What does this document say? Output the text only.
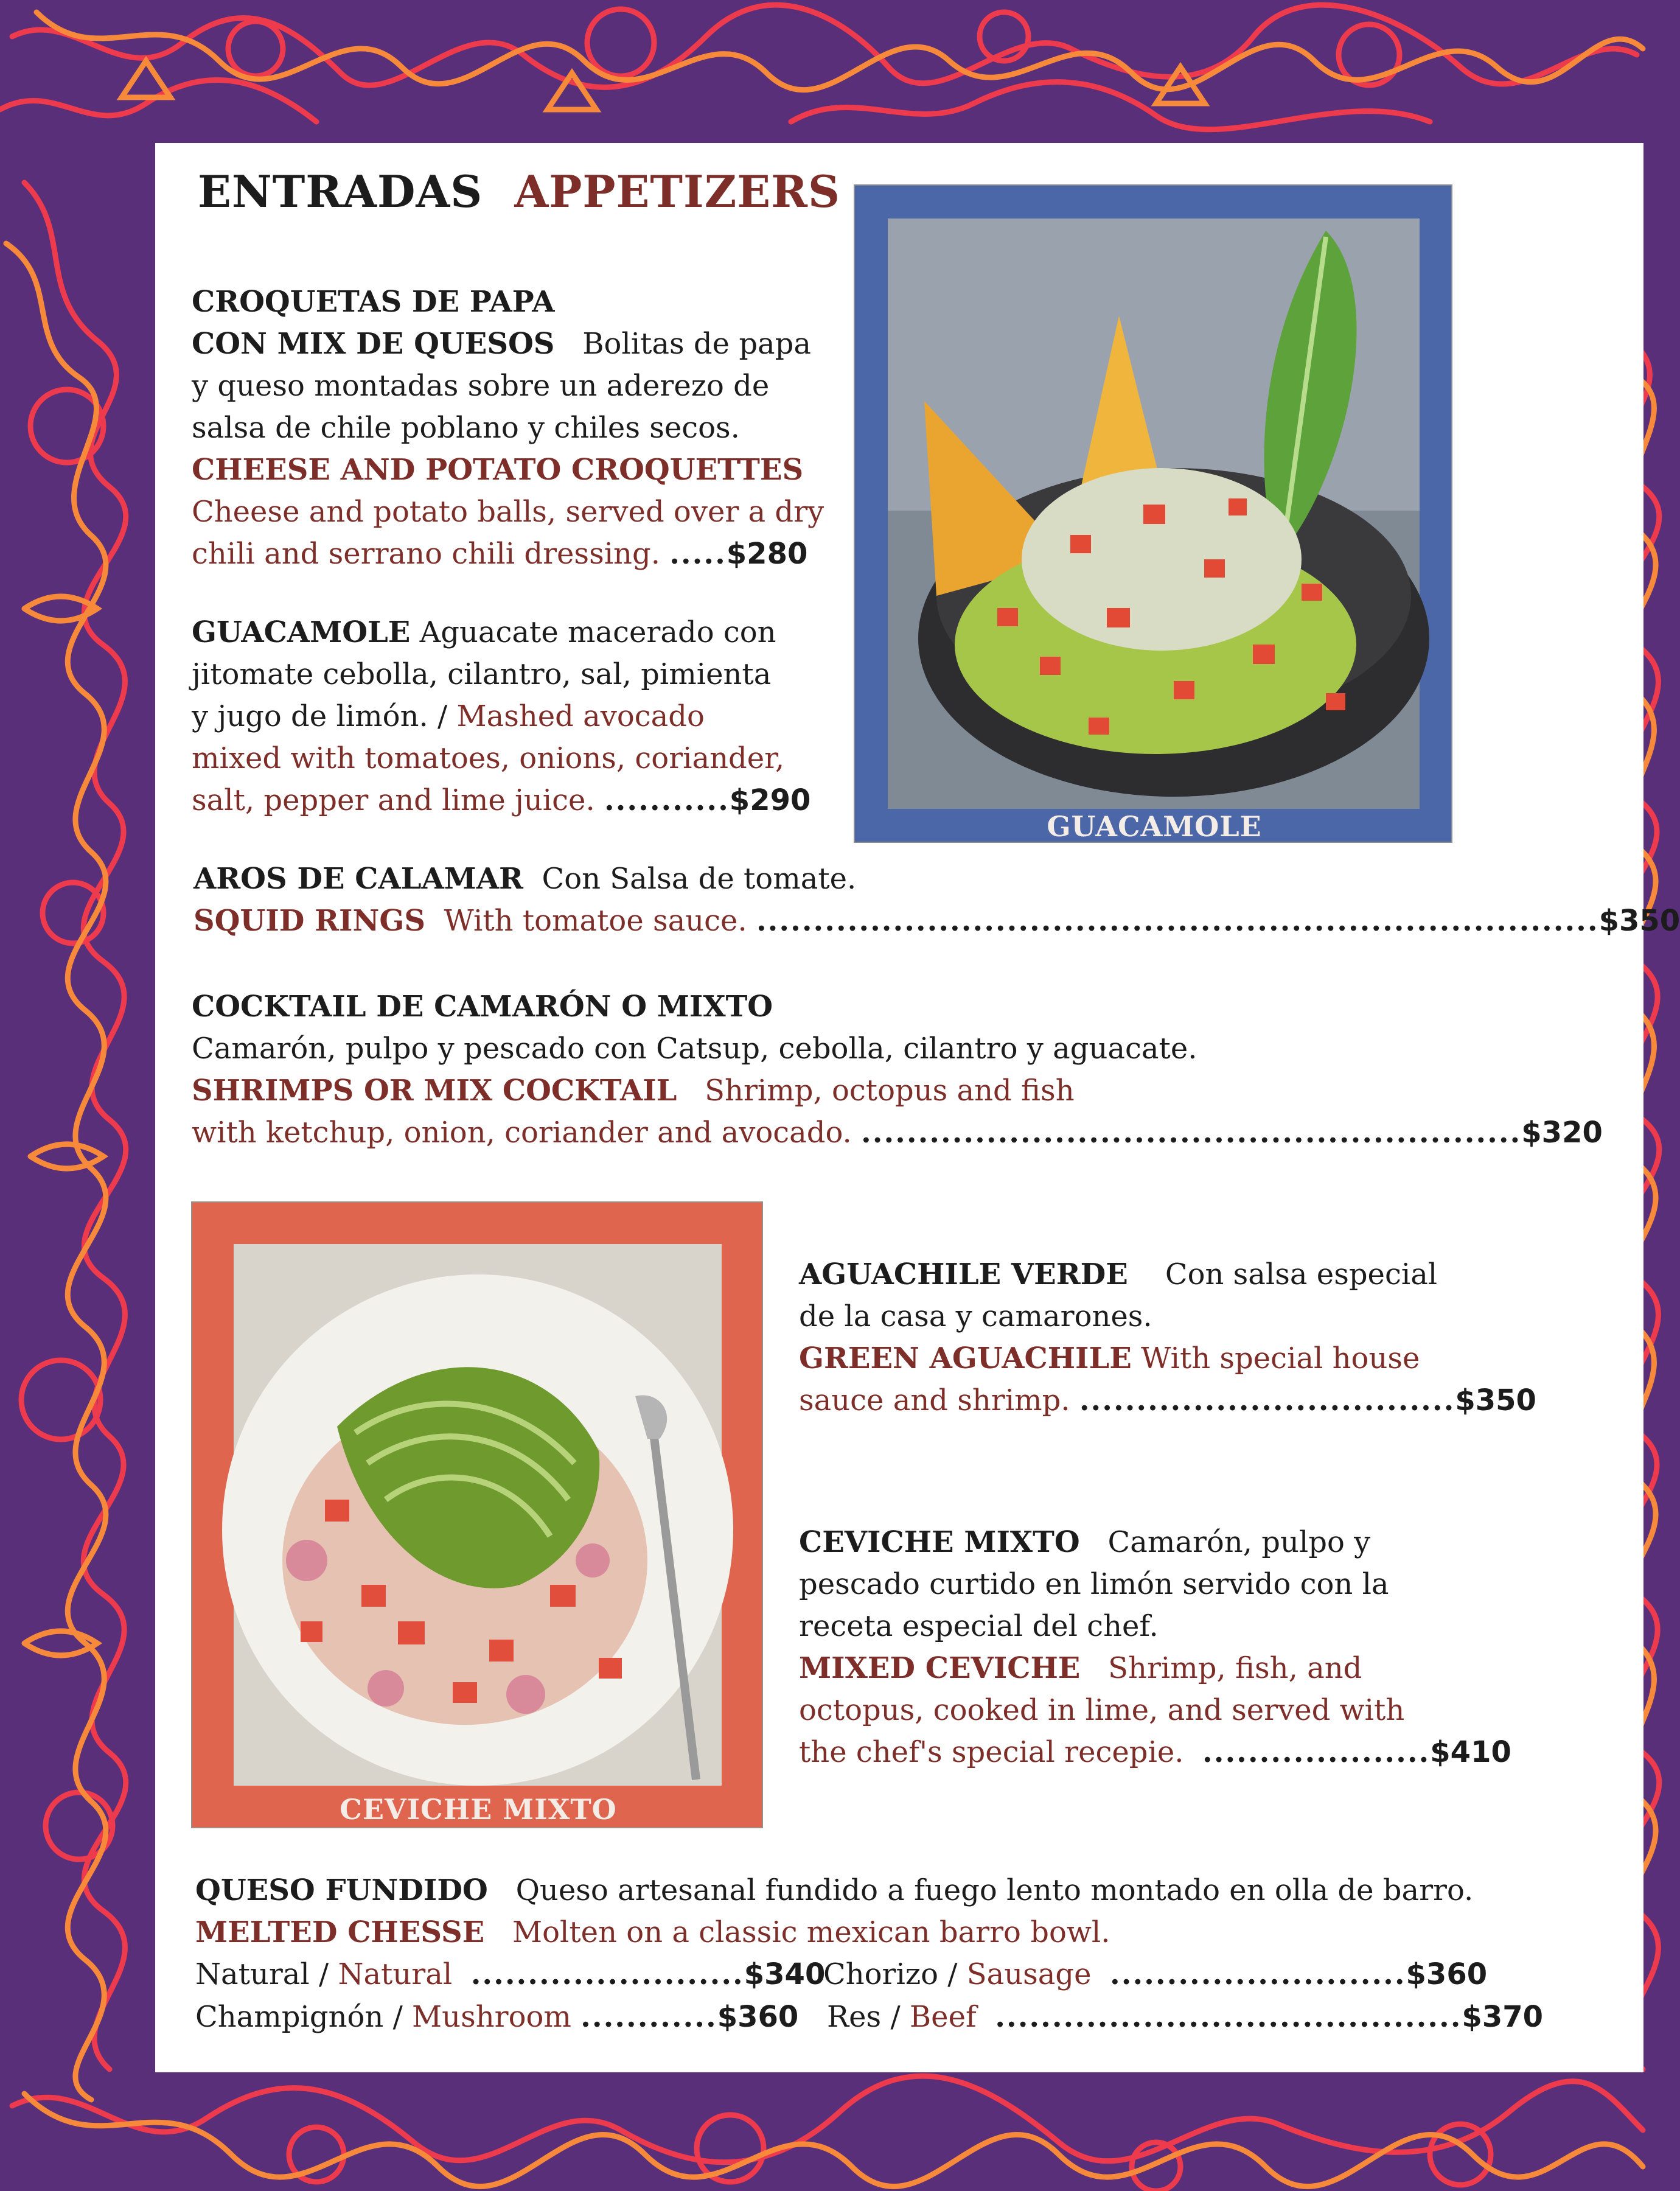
ENTRADAS APPETIZERS
CROQUETAS DE PAPA
CON MIX DE QUESOS Bolitas de papa
y queso montadas sobre un aderezo de
salsa de chile poblano y chiles secos.
CHEESE AND POTATO CROQUETTES
Cheese and potato balls, served over a dry
chili and serrano chili dressing. .....$280
GUACAMOLE Aguacate macerado con
jitomate cebolla, cilantro, sal, pimienta
y jugo de limón. / Mashed avocado
mixed with tomatoes, onions, coriander,
salt, pepper and lime juice. ...........$290
GUACAMOLE
AROS DE CALAMAR Con Salsa de tomate.
SQUID RINGS With tomatoe sauce. ..........................................................................$350
COCKTAIL DE CAMARÓN O MIXTO
Camarón, pulpo y pescado con Catsup, cebolla, cilantro y aguacate.
SHRIMPS OR MIX COCKTAIL Shrimp, octopus and fish
with ketchup, onion, coriander and avocado. ..........................................................$320
CEVICHE MIXTO
AGUACHILE VERDE Con salsa especial
de la casa y camarones.
GREEN AGUACHILE With special house
sauce and shrimp. .................................$350
CEVICHE MIXTO Camarón, pulpo y
pescado curtido en limón servido con la
receta especial del chef.
MIXED CEVICHE Shrimp, fish, and
octopus, cooked in lime, and served with
the chef's special recepie. ....................$410
QUESO FUNDIDO Queso artesanal fundido a fuego lento montado en olla de barro.
MELTED CHESSE Molten on a classic mexican barro bowl.
Natural / Natural ........................$340
Chorizo / Sausage ..........................$360
Champignón / Mushroom ............$360 Res / Beef .........................................$370
